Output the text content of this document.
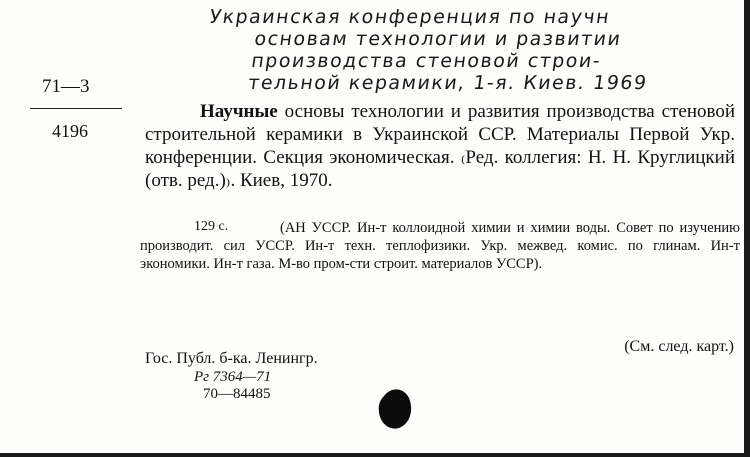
Украинская конференция по научн
основам технологии и развитии
производства стеновой строи-
тельной керамики, 1-я. Киев. 1969
71—3
4196
Научные основы технологии и развития производства стеновой строительной керамики в Украинской ССР. Материалы Первой Укр. конференции. Секция экономическая. ₍Ред. коллегия: Н. Н. Круглицкий (отв. ред.)₎. Киев, 1970.
(АН УССР. Ин-т коллоидной химии и химии воды. Совет по изучению производит. сил УССР. Ин-т техн. теплофизики. Укр. межвед. комис. по глинам. Ин-т экономики. Ин-т газа. М-во пром-сти строит. материалов УССР).
129 с.
(См. след. карт.)
Гос. Публ. б-ка. Ленингр.
Рг 7364—71
70—84485
